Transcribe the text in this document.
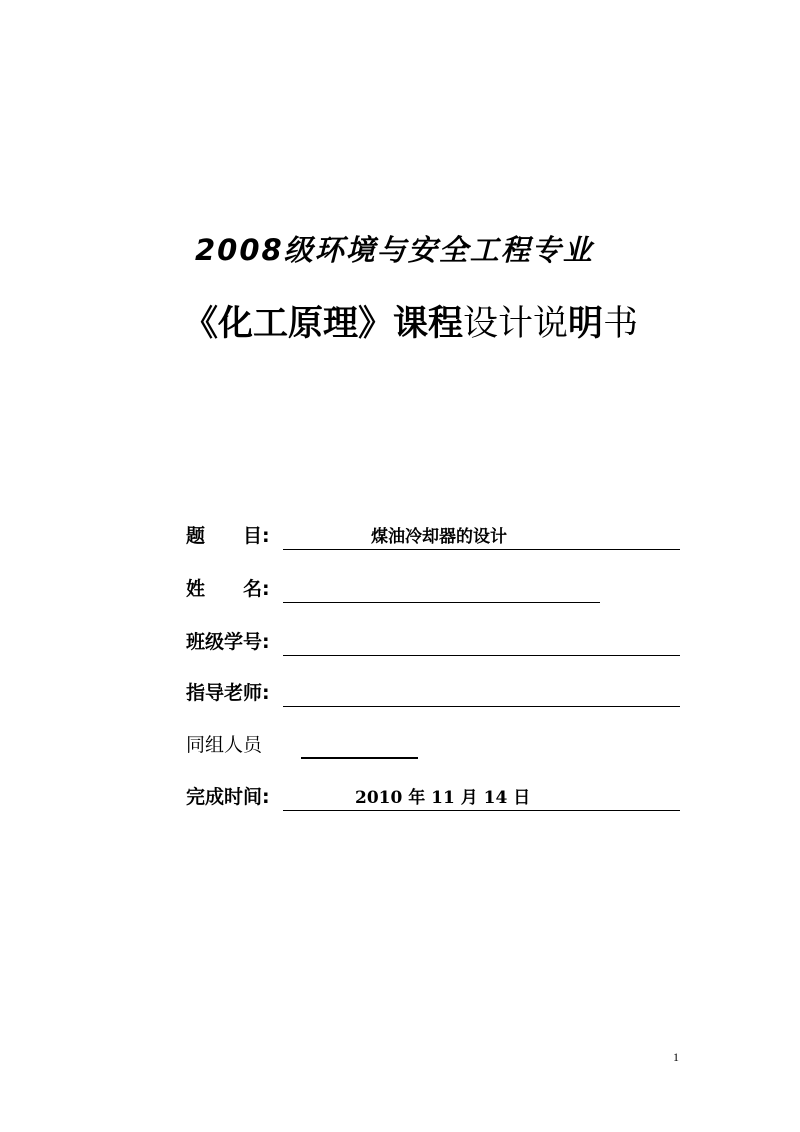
2008级环境与安全工程专业
《化工原理》课程设计说明书
题　　目:	煤油冷却器的设计
姓　　名:
班级学号:
指导老师:
同组人员
完成时间:	2010 年 11 月 14 日
1
